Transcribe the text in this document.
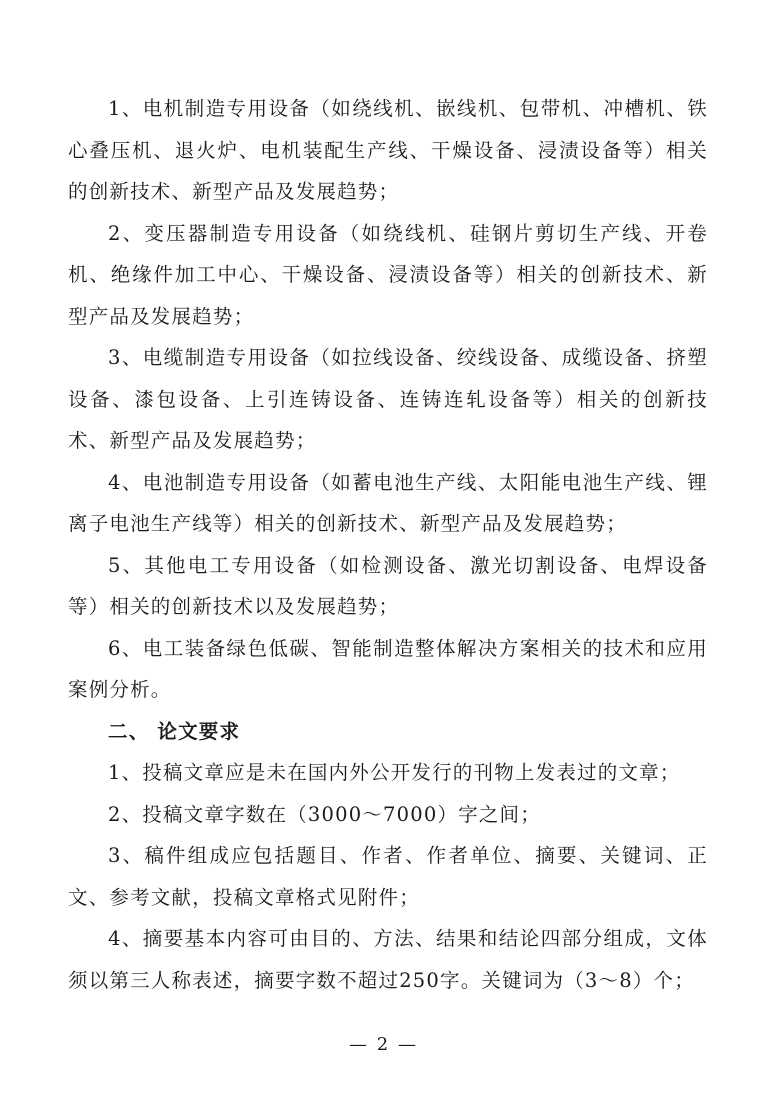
1、电机制造专用设备（如绕线机、嵌线机、包带机、冲槽机、铁心叠压机、退火炉、电机装配生产线、干燥设备、浸渍设备等）相关的创新技术、新型产品及发展趋势；

2、变压器制造专用设备（如绕线机、硅钢片剪切生产线、开卷机、绝缘件加工中心、干燥设备、浸渍设备等）相关的创新技术、新型产品及发展趋势；

3、电缆制造专用设备（如拉线设备、绞线设备、成缆设备、挤塑设备、漆包设备、上引连铸设备、连铸连轧设备等）相关的创新技术、新型产品及发展趋势；

4、电池制造专用设备（如蓄电池生产线、太阳能电池生产线、锂离子电池生产线等）相关的创新技术、新型产品及发展趋势；

5、其他电工专用设备（如检测设备、激光切割设备、电焊设备等）相关的创新技术以及发展趋势；

6、电工装备绿色低碳、智能制造整体解决方案相关的技术和应用案例分析。

二、 论文要求

1、投稿文章应是未在国内外公开发行的刊物上发表过的文章；

2、投稿文章字数在（3000～7000）字之间；

3、稿件组成应包括题目、作者、作者单位、摘要、关键词、正文、参考文献，投稿文章格式见附件；

4、摘要基本内容可由目的、方法、结果和结论四部分组成，文体须以第三人称表述，摘要字数不超过250字。关键词为（3～8）个；

— 2 —
